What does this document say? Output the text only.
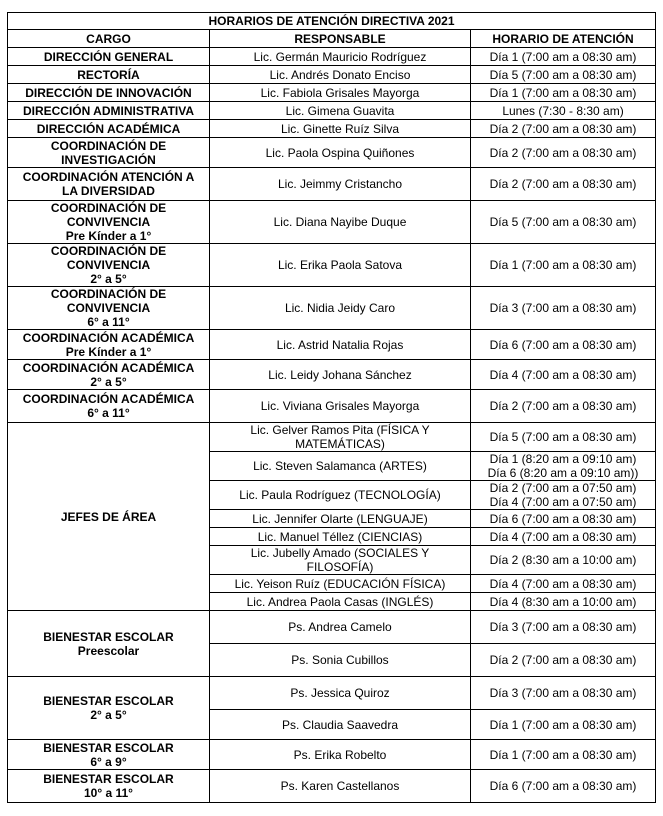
HORARIOS DE ATENCIÓN DIRECTIVA 2021		
CARGO	RESPONSABLE	HORARIO DE ATENCIÓN
DIRECCIÓN GENERAL	Lic. Germán Mauricio Rodríguez	Día 1 (7:00 am a 08:30 am)
RECTORÍA	Lic. Andrés Donato Enciso	Día 5 (7:00 am a 08:30 am)
DIRECCIÓN DE INNOVACIÓN	Lic. Fabiola Grisales Mayorga	Día 1 (7:00 am a 08:30 am)
DIRECCIÓN ADMINISTRATIVA	Lic. Gimena Guavita	Lunes (7:30 - 8:30 am)
DIRECCIÓN ACADÉMICA	Lic. Ginette Ruíz Silva	Día 2 (7:00 am a 08:30 am)
COORDINACIÓN DE
INVESTIGACIÓN	Lic. Paola Ospina Quiñones	Día 2 (7:00 am a 08:30 am)
COORDINACIÓN ATENCIÓN A
LA DIVERSIDAD	Lic. Jeimmy Cristancho	Día 2 (7:00 am a 08:30 am)
COORDINACIÓN DE
CONVIVENCIA
Pre Kínder a 1°	Lic. Diana Nayibe Duque	Día 5 (7:00 am a 08:30 am)
COORDINACIÓN DE
CONVIVENCIA
2° a 5°	Lic. Erika Paola Satova	Día 1 (7:00 am a 08:30 am)
COORDINACIÓN DE
CONVIVENCIA
6° a 11°	Lic. Nidia Jeidy Caro	Día 3 (7:00 am a 08:30 am)
COORDINACIÓN ACADÉMICA
Pre Kínder a 1°	Lic. Astrid Natalia Rojas	Día 6 (7:00 am a 08:30 am)
COORDINACIÓN ACADÉMICA
2° a 5°	Lic. Leidy Johana Sánchez	Día 4 (7:00 am a 08:30 am)
COORDINACIÓN ACADÉMICA
6° a 11°	Lic. Viviana Grisales Mayorga	Día 2 (7:00 am a 08:30 am)
JEFES DE ÁREA	Lic. Gelver Ramos Pita (FÍSICA Y
MATEMÁTICAS)	Día 5 (7:00 am a 08:30 am)
	Lic. Steven Salamanca (ARTES)	Día 1 (8:20 am a 09:10 am)
Día 6 (8:20 am a 09:10 am))
	Lic. Paula Rodríguez (TECNOLOGÍA)	Día 2 (7:00 am a 07:50 am)
Día 4 (7:00 am a 07:50 am)
	Lic. Jennifer Olarte (LENGUAJE)	Día 6 (7:00 am a 08:30 am)
	Lic. Manuel Téllez (CIENCIAS)	Día 4 (7:00 am a 08:30 am)
	Lic. Jubelly Amado (SOCIALES Y
FILOSOFÍA)	Día 2 (8:30 am a 10:00 am)
	Lic. Yeison Ruíz (EDUCACIÓN FÍSICA)	Día 4 (7:00 am a 08:30 am)
	Lic. Andrea Paola Casas (INGLÉS)	Día 4 (8:30 am a 10:00 am)
BIENESTAR ESCOLAR
Preescolar	Ps. Andrea Camelo	Día 3 (7:00 am a 08:30 am)
	Ps. Sonia Cubillos	Día 2 (7:00 am a 08:30 am)
BIENESTAR ESCOLAR
2° a 5°	Ps. Jessica Quiroz	Día 3 (7:00 am a 08:30 am)
	Ps. Claudia Saavedra	Día 1 (7:00 am a 08:30 am)
BIENESTAR ESCOLAR
6° a 9°	Ps. Erika Robelto	Día 1 (7:00 am a 08:30 am)
BIENESTAR ESCOLAR
10° a 11°	Ps. Karen Castellanos	Día 6 (7:00 am a 08:30 am)
